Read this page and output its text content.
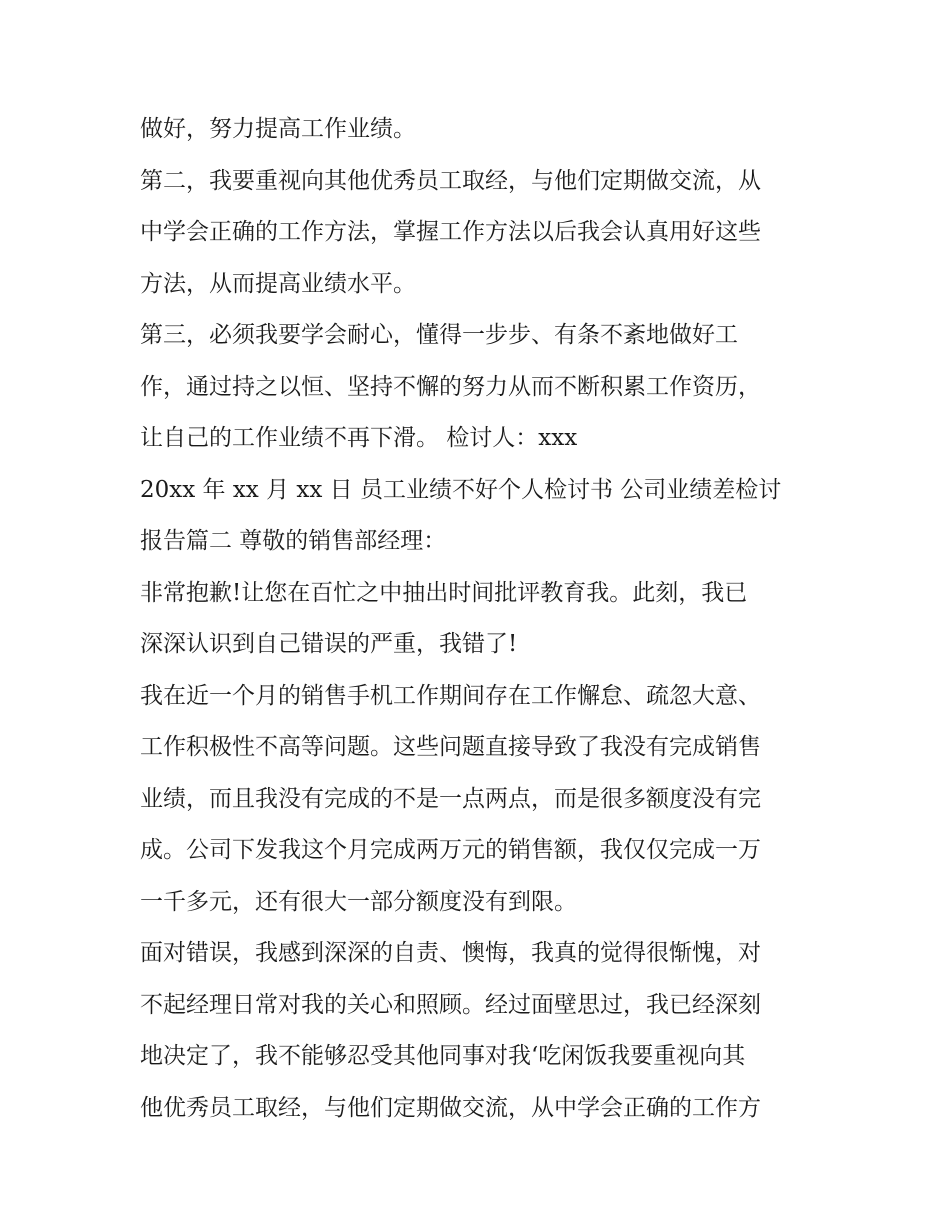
做好，努力提高工作业绩。
第二，我要重视向其他优秀员工取经，与他们定期做交流，从
中学会正确的工作方法，掌握工作方法以后我会认真用好这些
方法，从而提高业绩水平。
第三，必须我要学会耐心，懂得一步步、有条不紊地做好工
作，通过持之以恒、坚持不懈的努力从而不断积累工作资历，
让自己的工作业绩不再下滑。 检讨人：xxx
20xx 年 xx 月 xx 日 员工业绩不好个人检讨书 公司业绩差检讨
报告篇二 尊敬的销售部经理：
非常抱歉!让您在百忙之中抽出时间批评教育我。此刻，我已
深深认识到自己错误的严重，我错了!
我在近一个月的销售手机工作期间存在工作懈怠、疏忽大意、
工作积极性不高等问题。这些问题直接导致了我没有完成销售
业绩，而且我没有完成的不是一点两点，而是很多额度没有完
成。公司下发我这个月完成两万元的销售额，我仅仅完成一万
一千多元，还有很大一部分额度没有到限。
面对错误，我感到深深的自责、懊悔，我真的觉得很惭愧，对
不起经理日常对我的关心和照顾。经过面壁思过，我已经深刻
地决定了，我不能够忍受其他同事对我‘吃闲饭我要重视向其
他优秀员工取经，与他们定期做交流，从中学会正确的工作方
